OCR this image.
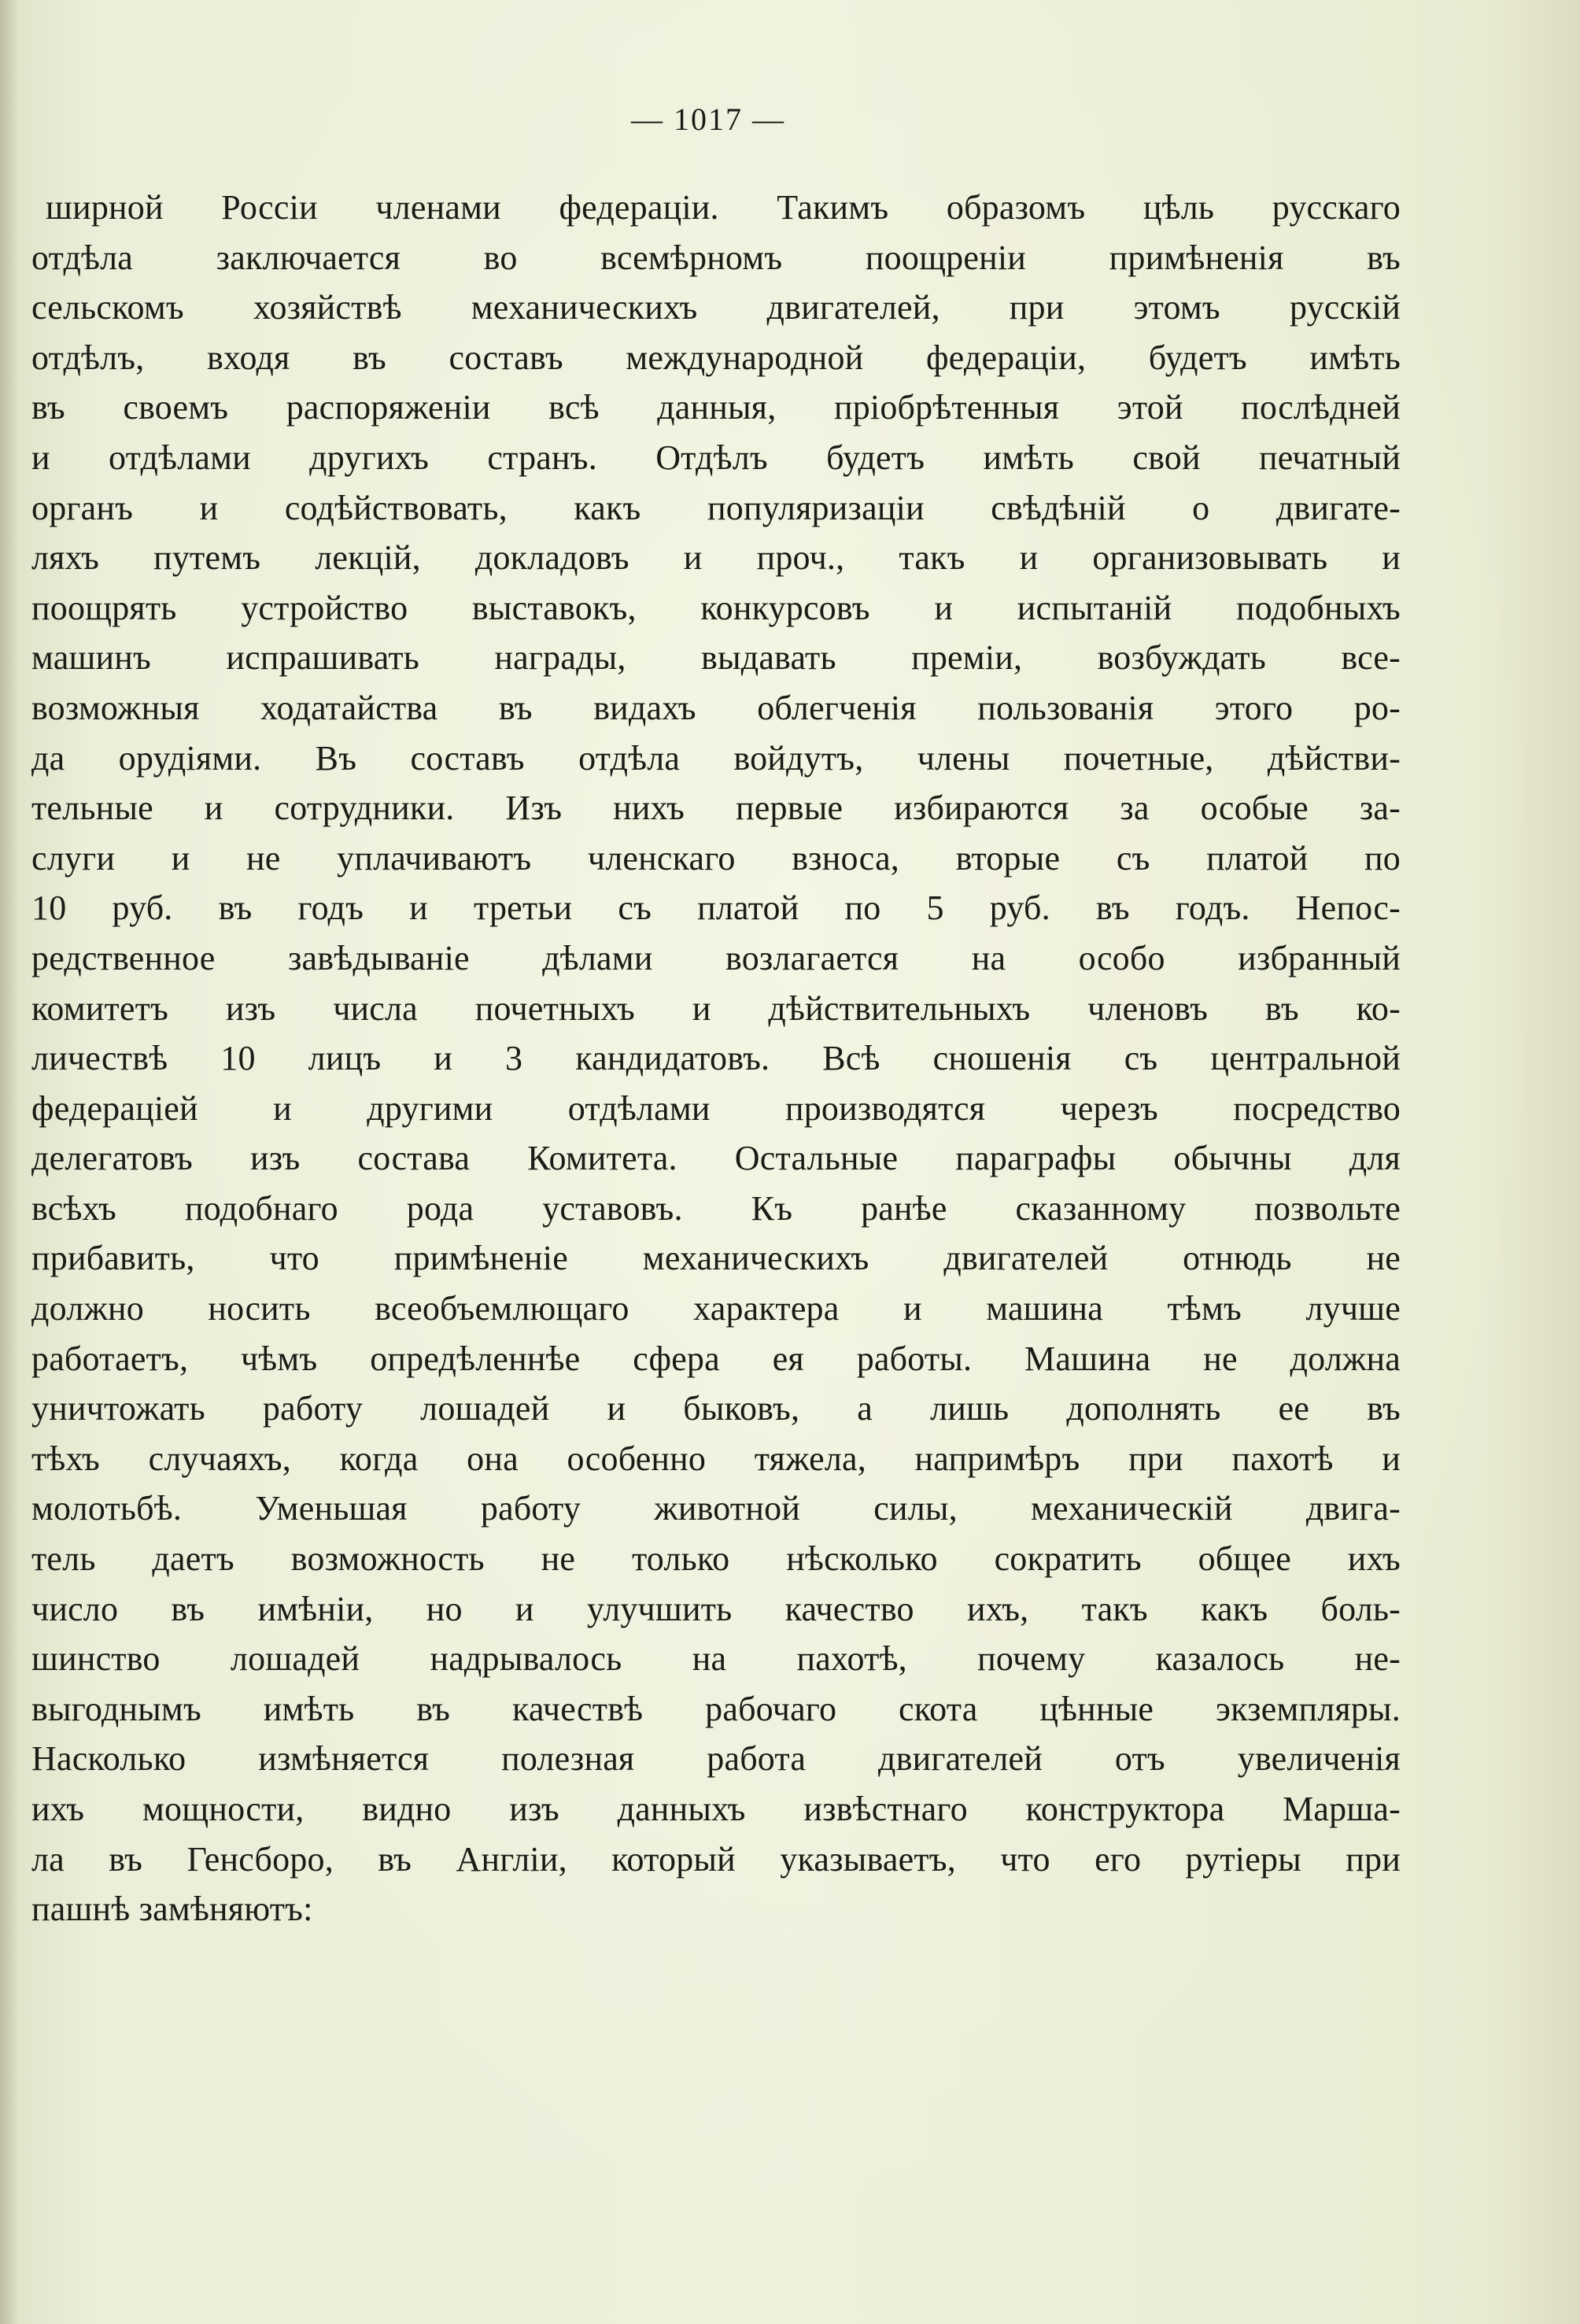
— 1017 —
ширной Россіи членами федераціи. Такимъ образомъ цѣль русскаго
отдѣла заключается во всемѣрномъ поощреніи примѣненія въ
сельскомъ хозяйствѣ механическихъ двигателей, при этомъ русскій
отдѣлъ, входя въ составъ международной федераціи, будетъ имѣть
въ своемъ распоряженіи всѣ данныя, пріобрѣтенныя этой послѣдней
и отдѣлами другихъ странъ. Отдѣлъ будетъ имѣть свой печатный
органъ и содѣйствовать, какъ популяризаціи свѣдѣній о двигате-
ляхъ путемъ лекцій, докладовъ и проч., такъ и организовывать и
поощрять устройство выставокъ, конкурсовъ и испытаній подобныхъ
машинъ испрашивать награды, выдавать премiи, возбуждать все-
возможныя ходатайства въ видахъ облегченія пользованія этого ро-
да орудіями. Въ составъ отдѣла войдутъ, члены почетные, дѣйстви-
тельные и сотрудники. Изъ нихъ первые избираются за особые за-
слуги и не уплачиваютъ членскаго взноса, вторые съ платой по
10 руб. въ годъ и третьи съ платой по 5 руб. въ годъ. Непос-
редственное завѣдываніе дѣлами возлагается на особо избранный
комитетъ изъ числа почетныхъ и дѣйствительныхъ членовъ въ ко-
личествѣ 10 лицъ и 3 кандидатовъ. Всѣ сношенія съ центральной
федераціей и другими отдѣлами производятся черезъ посредство
делегатовъ изъ состава Комитета. Остальные параграфы обычны для
всѣхъ подобнаго рода уставовъ. Къ ранѣе сказанному позвольте
прибавить, что примѣненіе механическихъ двигателей отнюдь не
должно носить всеобъемлющаго характера и машина тѣмъ лучше
работаетъ, чѣмъ опредѣленнѣе сфера ея работы. Машина не должна
уничтожать работу лошадей и быковъ, а лишь дополнять ее въ
тѣхъ случаяхъ, когда она особенно тяжела, напримѣръ при пахотѣ и
молотьбѣ. Уменьшая работу животной силы, механическій двига-
тель даетъ возможность не только нѣсколько сократить общее ихъ
число въ имѣніи, но и улучшить качество ихъ, такъ какъ боль-
шинство лошадей надрывалось на пахотѣ, почему казалось не-
выгоднымъ имѣть въ качествѣ рабочаго скота цѣнные экземпляры.
Насколько измѣняется полезная работа двигателей отъ увеличенія
ихъ мощности, видно изъ данныхъ извѣстнаго конструктора Марша-
ла въ Генсборо, въ Англіи, который указываетъ, что его рутіеры при
пашнѣ замѣняютъ:
